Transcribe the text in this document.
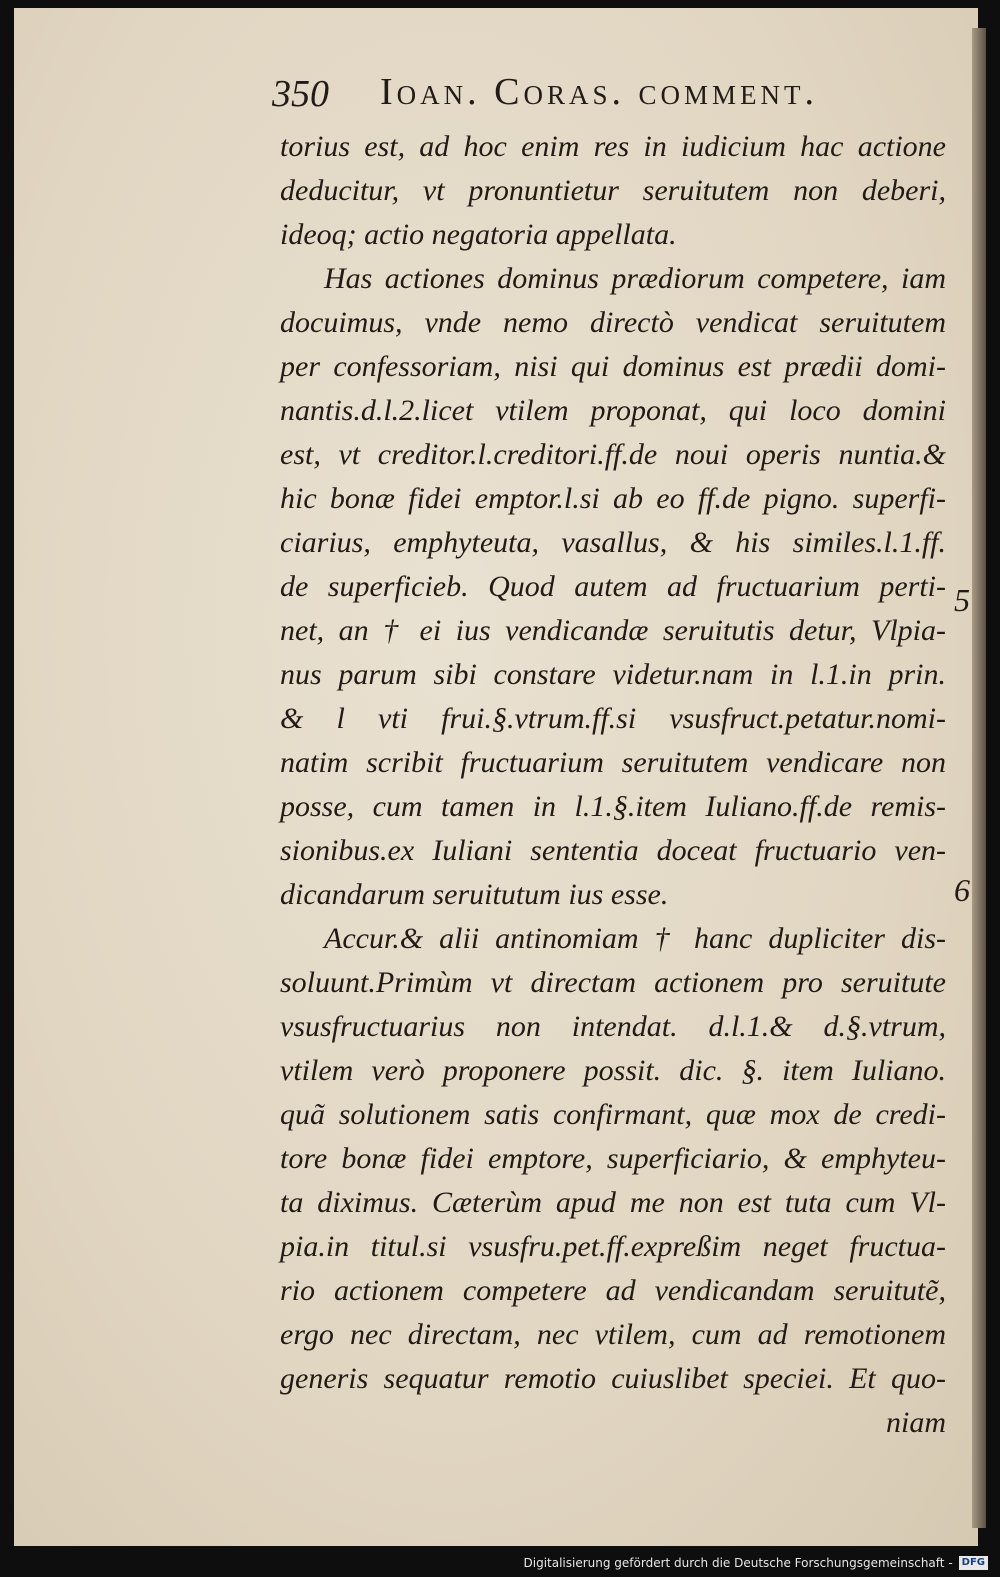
350 Ioan. Coras. comment.
torius est, ad hoc enim res in iudicium hac actione
deducitur, vt pronuntietur seruitutem non deberi,
ideoq; actio negatoria appellata.
Has actiones dominus prædiorum competere, iam
docuimus, vnde nemo directò vendicat seruitutem
per confessoriam, nisi qui dominus est prædii domi-
nantis.d.l.2.licet vtilem proponat, qui loco domini
est, vt creditor.l.creditori.ff.de noui operis nuntia.&
hic bonæ fidei emptor.l.si ab eo ff.de pigno. superfi-
ciarius, emphyteuta, vasallus, & his similes.l.1.ff.
de superficieb. Quod autem ad fructuarium perti-
net, an † ei ius vendicandæ seruitutis detur, Vlpia-
nus parum sibi constare videtur.nam in l.1.in prin.
& l vti frui.§.vtrum.ff.si vsusfruct.petatur.nomi-
natim scribit fructuarium seruitutem vendicare non
posse, cum tamen in l.1.§.item Iuliano.ff.de remis-
sionibus.ex Iuliani sententia doceat fructuario ven-
dicandarum seruitutum ius esse.
Accur.& alii antinomiam † hanc dupliciter dis-
soluunt.Primùm vt directam actionem pro seruitute
vsusfructuarius non intendat. d.l.1.& d.§.vtrum,
vtilem verò proponere possit. dic. §. item Iuliano.
quã solutionem satis confirmant, quæ mox de credi-
tore bonæ fidei emptore, superficiario, & emphyteu-
ta diximus. Cæterùm apud me non est tuta cum Vl-
pia.in titul.si vsusfru.pet.ff.expreßim neget fructua-
rio actionem competere ad vendicandam seruitutẽ,
ergo nec directam, nec vtilem, cum ad remotionem
generis sequatur remotio cuiuslibet speciei. Et quo-
niam
5
6
Digitalisierung gefördert durch die Deutsche Forschungsgemeinschaft - DFG
